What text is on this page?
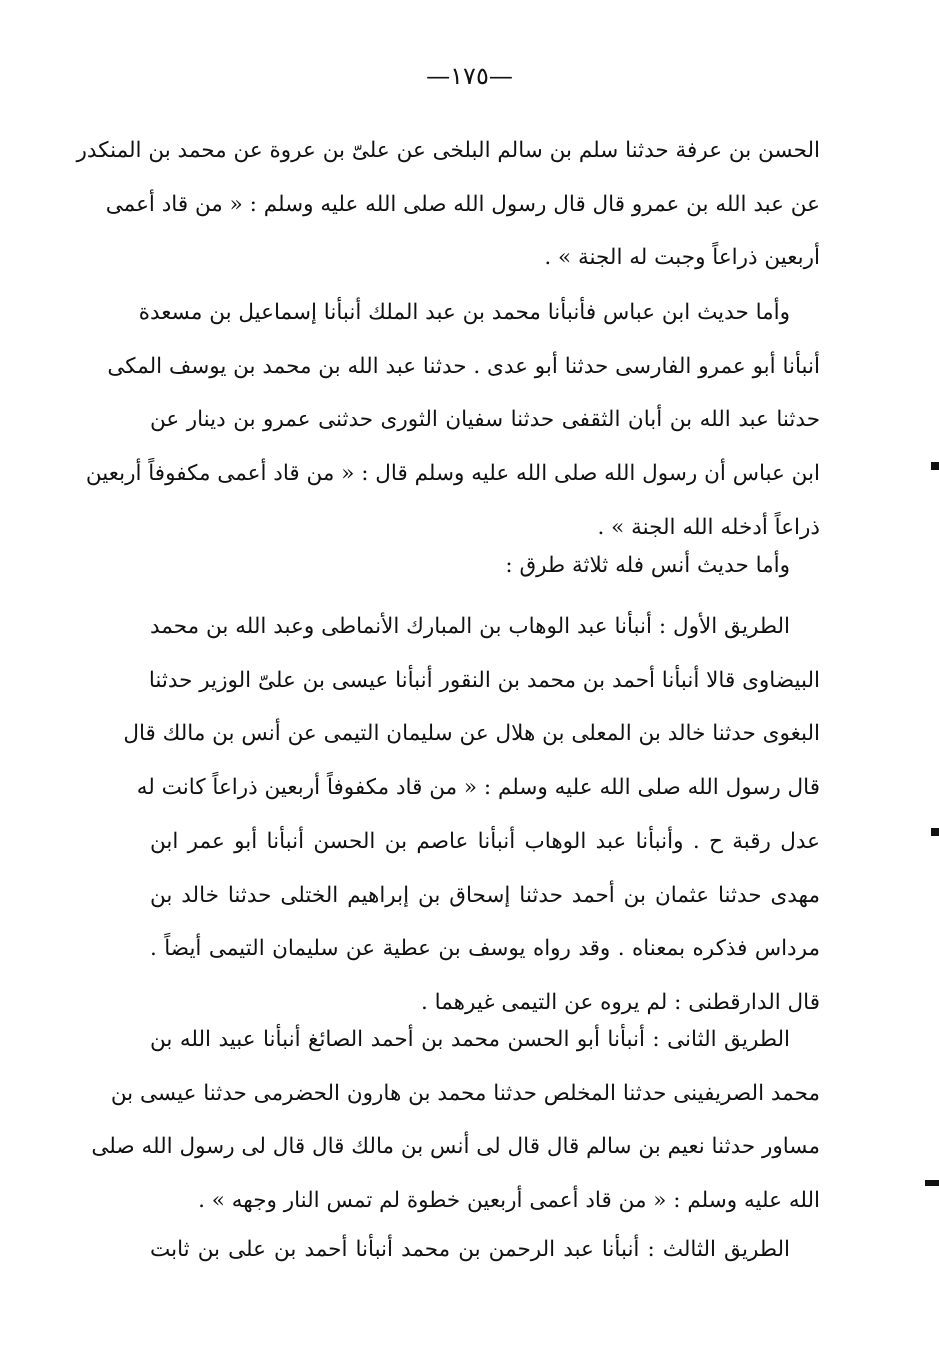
—١٧٥—
الحسن بن عرفة حدثنا سلم بن سالم البلخى عن علىّ بن عروة عن محمد بن المنكدر
عن عبد الله بن عمرو قال قال رسول الله صلى الله عليه وسلم : « من قاد أعمى
أربعين ذراعاً وجبت له الجنة » .
وأما حديث ابن عباس فأنبأنا محمد بن عبد الملك أنبأنا إسماعيل بن مسعدة
أنبأنا أبو عمرو الفارسى حدثنا أبو عدى . حدثنا عبد الله بن محمد بن يوسف المكى
حدثنا عبد الله بن أبان الثقفى حدثنا سفيان الثورى حدثنى عمرو بن دينار عن
ابن عباس أن رسول الله صلى الله عليه وسلم قال : « من قاد أعمى مكفوفاً أربعين
ذراعاً أدخله الله الجنة » .
وأما حديث أنس فله ثلاثة طرق :
الطريق الأول : أنبأنا عبد الوهاب بن المبارك الأنماطى وعبد الله بن محمد
البيضاوى قالا أنبأنا أحمد بن محمد بن النقور أنبأنا عيسى بن علىّ الوزير حدثنا
البغوى حدثنا خالد بن المعلى بن هلال عن سليمان التيمى عن أنس بن مالك قال
قال رسول الله صلى الله عليه وسلم : « من قاد مكفوفاً أربعين ذراعاً كانت له
عدل رقبة ح . وأنبأنا عبد الوهاب أنبأنا عاصم بن الحسن أنبأنا أبو عمر ابن
مهدى حدثنا عثمان بن أحمد حدثنا إسحاق بن إبراهيم الختلى حدثنا خالد بن
مرداس فذكره بمعناه . وقد رواه يوسف بن عطية عن سليمان التيمى أيضاً .
قال الدارقطنى : لم يروه عن التيمى غيرهما .
الطريق الثانى : أنبأنا أبو الحسن محمد بن أحمد الصائغ أنبأنا عبيد الله بن
محمد الصريفينى حدثنا المخلص حدثنا محمد بن هارون الحضرمى حدثنا عيسى بن
مساور حدثنا نعيم بن سالم قال قال لى أنس بن مالك قال قال لى رسول الله صلى
الله عليه وسلم : « من قاد أعمى أربعين خطوة لم تمس النار وجهه » .
الطريق الثالث : أنبأنا عبد الرحمن بن محمد أنبأنا أحمد بن على بن ثابت
